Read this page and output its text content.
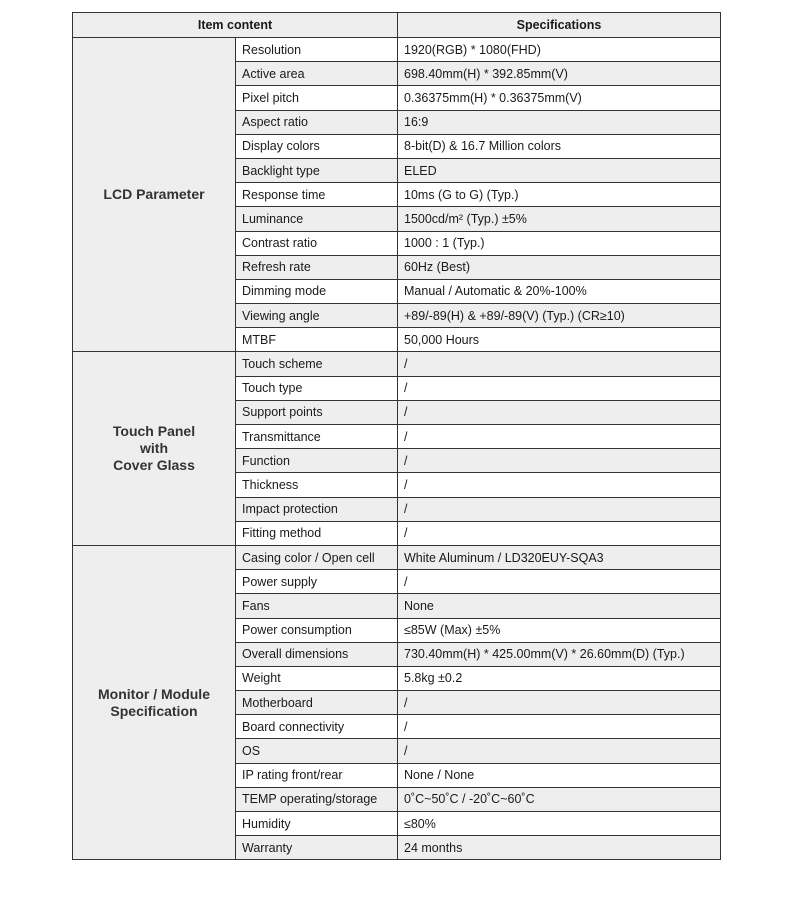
Item content		Specifications
LCD Parameter	Resolution	1920(RGB) * 1080(FHD)
	Active area	698.40mm(H) * 392.85mm(V)
	Pixel pitch	0.36375mm(H) * 0.36375mm(V)
	Aspect ratio	16:9
	Display colors	8-bit(D) & 16.7 Million colors
	Backlight type	ELED
	Response time	10ms (G to G) (Typ.)
	Luminance	1500cd/m² (Typ.) ±5%
	Contrast ratio	1000 : 1 (Typ.)
	Refresh rate	60Hz (Best)
	Dimming mode	Manual / Automatic & 20%-100%
	Viewing angle	+89/-89(H) & +89/-89(V) (Typ.) (CR≥10)
	MTBF	50,000 Hours

Touch Panel
with
Cover Glass	Touch scheme	/
	Touch type	/
	Support points	/
	Transmittance	/
	Function	/
	Thickness	/
	Impact protection	/
	Fitting method	/

Monitor / Module
Specification	Casing color / Open cell	White Aluminum / LD320EUY-SQA3
	Power supply	/
	Fans	None
	Power consumption	≤85W (Max) ±5%
	Overall dimensions	730.40mm(H) * 425.00mm(V) * 26.60mm(D) (Typ.)
	Weight	5.8kg ±0.2
	Motherboard	/
	Board connectivity	/
	OS	/
	IP rating front/rear	None / None
	TEMP operating/storage	0˚C~50˚C / -20˚C~60˚C
	Humidity	≤80%
	Warranty	24 months
